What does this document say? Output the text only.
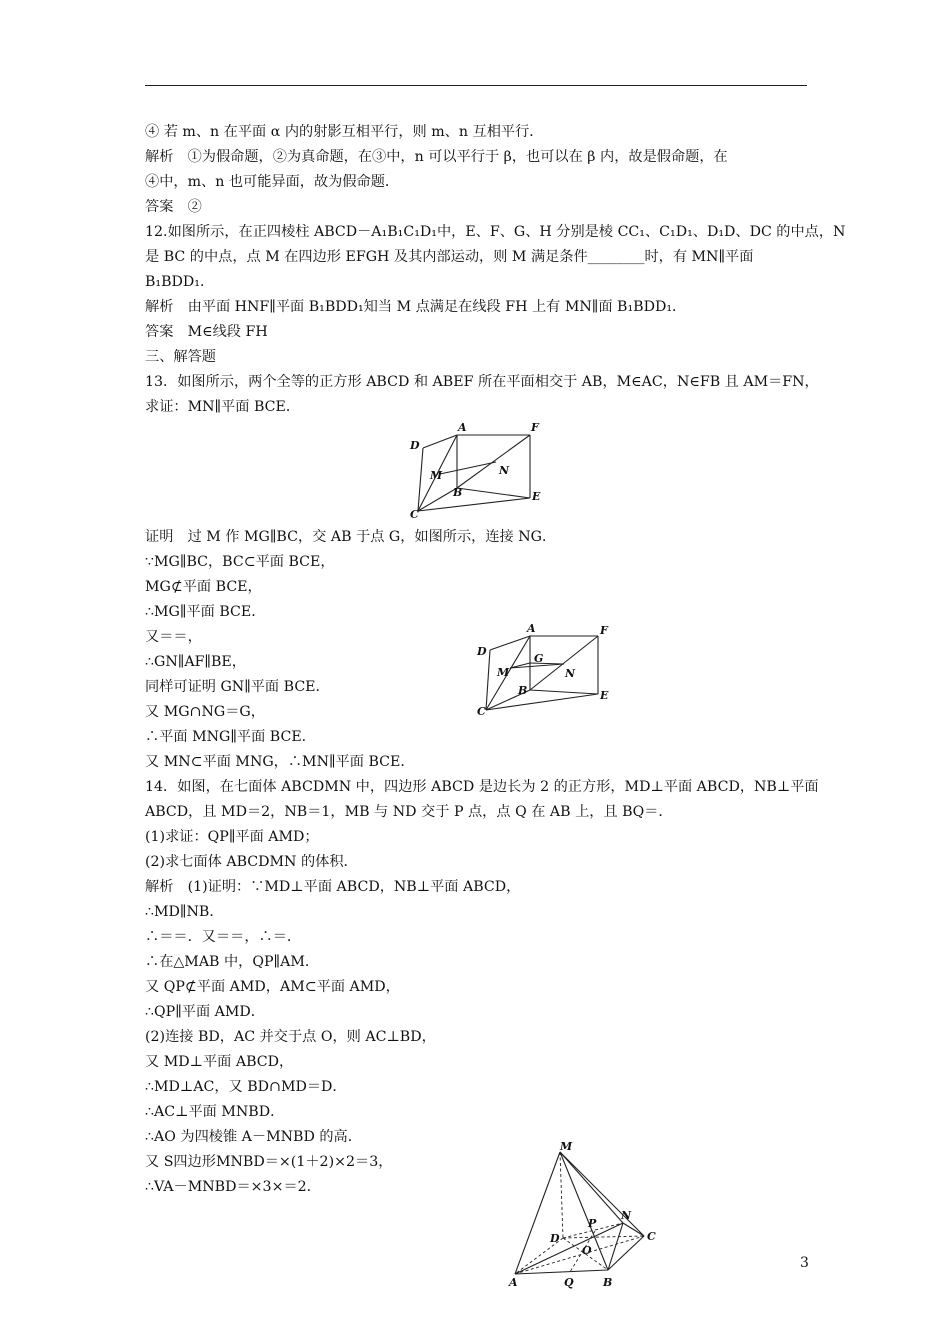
④ 若 m、n 在平面 α 内的射影互相平行，则 m、n 互相平行．
解析　①为假命题，②为真命题，在③中，n 可以平行于 β，也可以在 β 内，故是假命题，在
④中，m、n 也可能异面，故为假命题．
答案　②
12.如图所示，在正四棱柱 ABCD－A₁B₁C₁D₁中，E、F、G、H 分别是棱 CC₁、C₁D₁、D₁D、DC 的中点，N
是 BC 的中点，点 M 在四边形 EFGH 及其内部运动，则 M 满足条件________时，有 MN∥平面
B₁BDD₁．
解析　由平面 HNF∥平面 B₁BDD₁知当 M 点满足在线段 FH 上有 MN∥面 B₁BDD₁．
答案　M∈线段 FH
三、解答题
13．如图所示，两个全等的正方形 ABCD 和 ABEF 所在平面相交于 AB，M∈AC，N∈FB 且 AM＝FN，
求证：MN∥平面 BCE．
证明　过 M 作 MG∥BC，交 AB 于点 G，如图所示，连接 NG．
∵MG∥BC，BC⊂平面 BCE，
MG⊄平面 BCE，
∴MG∥平面 BCE．
又＝＝，
∴GN∥AF∥BE，
同样可证明 GN∥平面 BCE．
又 MG∩NG＝G，
∴平面 MNG∥平面 BCE．
又 MN⊂平面 MNG，∴MN∥平面 BCE．
14．如图，在七面体 ABCDMN 中，四边形 ABCD 是边长为 2 的正方形，MD⊥平面 ABCD，NB⊥平面
ABCD，且 MD＝2，NB＝1，MB 与 ND 交于 P 点，点 Q 在 AB 上，且 BQ＝．
(1)求证：QP∥平面 AMD；
(2)求七面体 ABCDMN 的体积．
解析　(1)证明：∵MD⊥平面 ABCD，NB⊥平面 ABCD，
∴MD∥NB．
∴＝＝．又＝＝，∴＝．
∴在△MAB 中，QP∥AM．
又 QP⊄平面 AMD，AM⊂平面 AMD，
∴QP∥平面 AMD．
(2)连接 BD，AC 并交于点 O，则 AC⊥BD，
又 MD⊥平面 ABCD，
∴MD⊥AC，又 BD∩MD＝D．
∴AC⊥平面 MNBD．
∴AO 为四棱锥 A－MNBD 的高．
又 S四边形MNBD＝×(1＋2)×2＝3，
∴VA－MNBD＝×3×＝2．
A	F
D
M	N
B	E
C
A	F
D
G
M	N
B	E
C
M
N
P
D	C
O
A	Q	B
3
